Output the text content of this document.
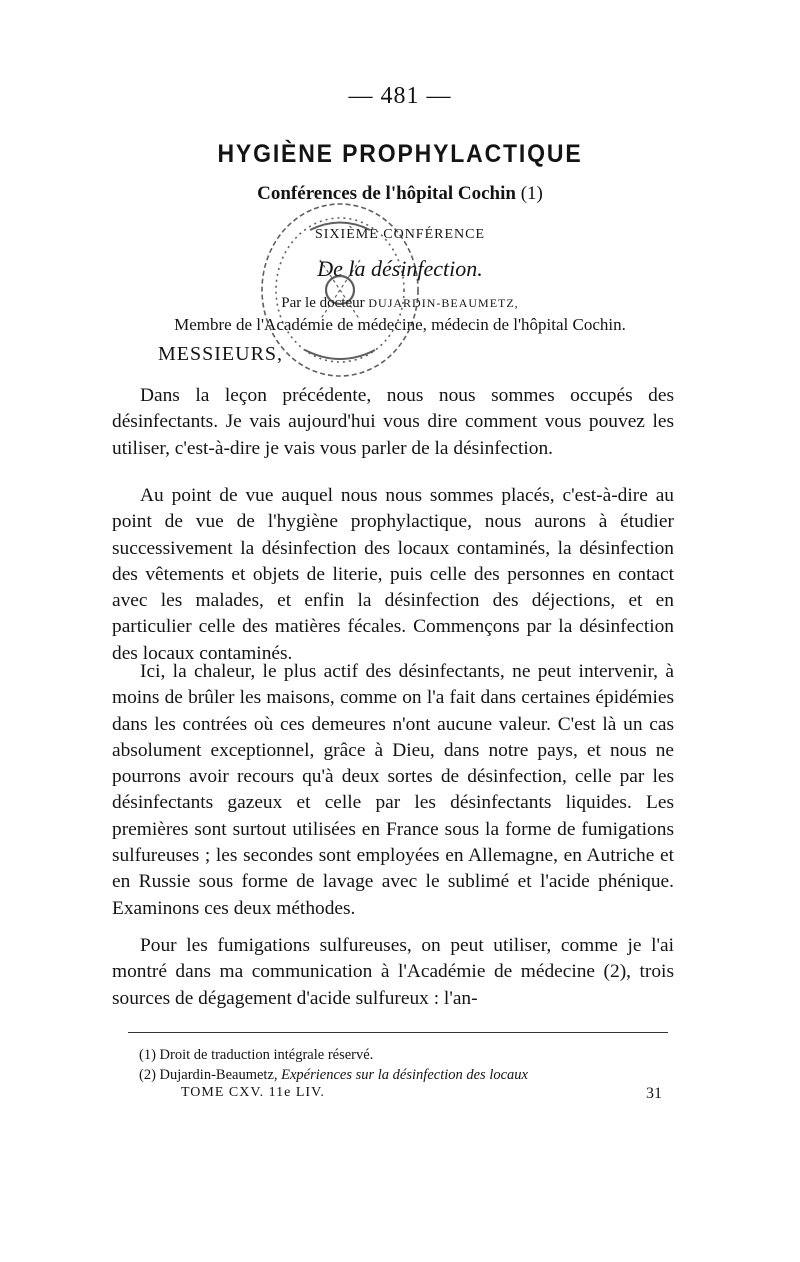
— 481 —
HYGIÈNE PROPHYLACTIQUE
Conférences de l'hôpital Cochin (1)
SIXIÈME CONFÉRENCE
De la désinfection.
Par le docteur DUJARDIN-BEAUMETZ,
Membre de l'Académie de médecine, médecin de l'hôpital Cochin.
MESSIEURS,
Dans la leçon précédente, nous nous sommes occupés des désinfectants. Je vais aujourd'hui vous dire comment vous pouvez les utiliser, c'est-à-dire je vais vous parler de la désinfection.
Au point de vue auquel nous nous sommes placés, c'est-à-dire au point de vue de l'hygiène prophylactique, nous aurons à étudier successivement la désinfection des locaux contaminés, la désinfection des vêtements et objets de literie, puis celle des personnes en contact avec les malades, et enfin la désinfection des déjections, et en particulier celle des matières fécales. Commençons par la désinfection des locaux contaminés.
Ici, la chaleur, le plus actif des désinfectants, ne peut intervenir, à moins de brûler les maisons, comme on l'a fait dans certaines épidémies dans les contrées où ces demeures n'ont aucune valeur. C'est là un cas absolument exceptionnel, grâce à Dieu, dans notre pays, et nous ne pourrons avoir recours qu'à deux sortes de désinfection, celle par les désinfectants gazeux et celle par les désinfectants liquides. Les premières sont surtout utilisées en France sous la forme de fumigations sulfureuses ; les secondes sont employées en Allemagne, en Autriche et en Russie sous forme de lavage avec le sublimé et l'acide phénique. Examinons ces deux méthodes.
Pour les fumigations sulfureuses, on peut utiliser, comme je l'ai montré dans ma communication à l'Académie de médecine (2), trois sources de dégagement d'acide sulfureux : l'an-
(1) Droit de traduction intégrale réservé.
(2) Dujardin-Beaumetz, Expériences sur la désinfection des locaux
TOME CXV. 11e LIV.	31
